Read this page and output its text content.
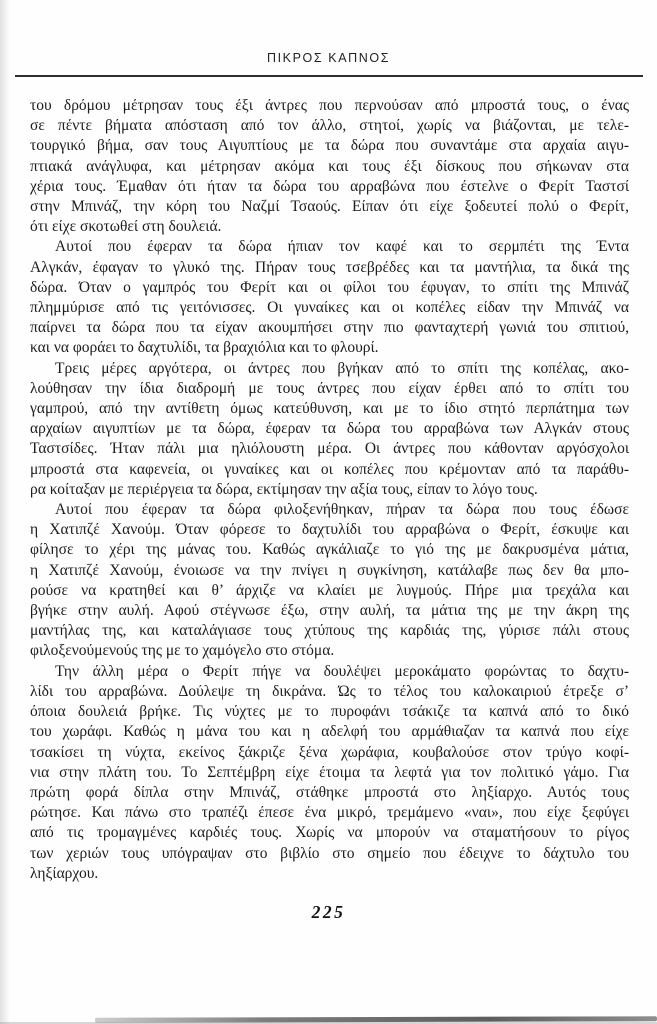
ΠΙΚΡΟΣ ΚΑΠΝΟΣ
του δρόμου μέτρησαν τους έξι άντρες που περνούσαν από μπροστά τους, ο ένας
σε πέντε βήματα απόσταση από τον άλλο, στητοί, χωρίς να βιάζονται, με τελε-
τουργικό βήμα, σαν τους Αιγυπτίους με τα δώρα που συναντάμε στα αρχαία αιγυ-
πτιακά ανάγλυφα, και μέτρησαν ακόμα και τους έξι δίσκους που σήκωναν στα
χέρια τους. Έμαθαν ότι ήταν τα δώρα του αρραβώνα που έστελνε ο Φερίτ Ταστσί
στην Μπινάζ, την κόρη του Ναζμί Τσαούς. Είπαν ότι είχε ξοδευτεί πολύ ο Φερίτ,
ότι είχε σκοτωθεί στη δουλειά.
Αυτοί που έφεραν τα δώρα ήπιαν τον καφέ και το σερμπέτι της Έντα
Αλγκάν, έφαγαν το γλυκό της. Πήραν τους τσεβρέδες και τα μαντήλια, τα δικά της
δώρα. Όταν ο γαμπρός του Φερίτ και οι φίλοι του έφυγαν, το σπίτι της Μπινάζ
πλημμύρισε από τις γειτόνισσες. Οι γυναίκες και οι κοπέλες είδαν την Μπινάζ να
παίρνει τα δώρα που τα είχαν ακουμπήσει στην πιο φανταχτερή γωνιά του σπιτιού,
και να φοράει το δαχτυλίδι, τα βραχιόλια και το φλουρί.
Τρεις μέρες αργότερα, οι άντρες που βγήκαν από το σπίτι της κοπέλας, ακο-
λούθησαν την ίδια διαδρομή με τους άντρες που είχαν έρθει από το σπίτι του
γαμπρού, από την αντίθετη όμως κατεύθυνση, και με το ίδιο στητό περπάτημα των
αρχαίων αιγυπτίων με τα δώρα, έφεραν τα δώρα του αρραβώνα των Αλγκάν στους
Ταστσίδες. Ήταν πάλι μια ηλιόλουστη μέρα. Οι άντρες που κάθονταν αργόσχολοι
μπροστά στα καφενεία, οι γυναίκες και οι κοπέλες που κρέμονταν από τα παράθυ-
ρα κοίταξαν με περιέργεια τα δώρα, εκτίμησαν την αξία τους, είπαν το λόγο τους.
Αυτοί που έφεραν τα δώρα φιλοξενήθηκαν, πήραν τα δώρα που τους έδωσε
η Χατιπζέ Χανούμ. Όταν φόρεσε το δαχτυλίδι του αρραβώνα ο Φερίτ, έσκυψε και
φίλησε το χέρι της μάνας του. Καθώς αγκάλιαζε το γιό της με δακρυσμένα μάτια,
η Χατιπζέ Χανούμ, ένοιωσε να την πνίγει η συγκίνηση, κατάλαβε πως δεν θα μπο-
ρούσε να κρατηθεί και θ’ άρχιζε να κλαίει με λυγμούς. Πήρε μια τρεχάλα και
βγήκε στην αυλή. Αφού στέγνωσε έξω, στην αυλή, τα μάτια της με την άκρη της
μαντήλας της, και καταλάγιασε τους χτύπους της καρδιάς της, γύρισε πάλι στους
φιλοξενούμενούς της με το χαμόγελο στο στόμα.
Την άλλη μέρα ο Φερίτ πήγε να δουλέψει μεροκάματο φορώντας το δαχτυ-
λίδι του αρραβώνα. Δούλεψε τη δικράνα. Ώς το τέλος του καλοκαιριού έτρεξε σ’
όποια δουλειά βρήκε. Τις νύχτες με το πυροφάνι τσάκιζε τα καπνά από το δικό
του χωράφι. Καθώς η μάνα του και η αδελφή του αρμάθιαζαν τα καπνά που είχε
τσακίσει τη νύχτα, εκείνος ξάκριζε ξένα χωράφια, κουβαλούσε στον τρύγο κοφί-
νια στην πλάτη του. Το Σεπτέμβρη είχε έτοιμα τα λεφτά για τον πολιτικό γάμο. Για
πρώτη φορά δίπλα στην Μπινάζ, στάθηκε μπροστά στο ληξίαρχο. Αυτός τους
ρώτησε. Και πάνω στο τραπέζι έπεσε ένα μικρό, τρεμάμενο «ναι», που είχε ξεφύγει
από τις τρομαγμένες καρδιές τους. Χωρίς να μπορούν να σταματήσουν το ρίγος
των χεριών τους υπόγραψαν στο βιβλίο στο σημείο που έδειχνε το δάχτυλο του
ληξίαρχου.
225
